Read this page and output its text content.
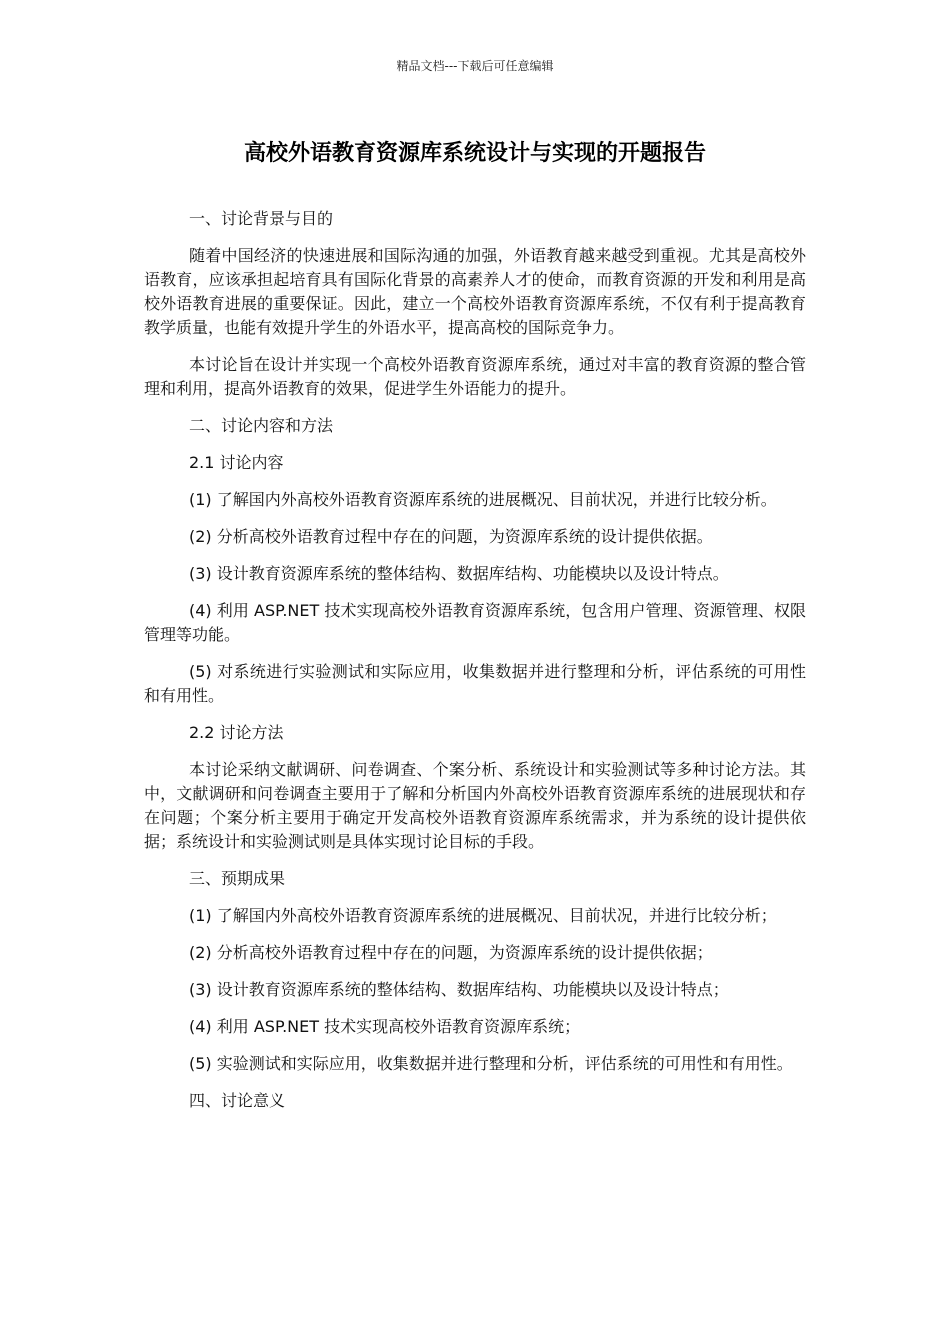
精品文档---下载后可任意编辑
高校外语教育资源库系统设计与实现的开题报告

一、讨论背景与目的

随着中国经济的快速进展和国际沟通的加强，外语教育越来越受到重视。尤其是高校外语教育，应该承担起培育具有国际化背景的高素养人才的使命，而教育资源的开发和利用是高校外语教育进展的重要保证。因此，建立一个高校外语教育资源库系统，不仅有利于提高教育教学质量，也能有效提升学生的外语水平，提高高校的国际竞争力。

本讨论旨在设计并实现一个高校外语教育资源库系统，通过对丰富的教育资源的整合管理和利用，提高外语教育的效果，促进学生外语能力的提升。

二、讨论内容和方法

2.1 讨论内容

(1) 了解国内外高校外语教育资源库系统的进展概况、目前状况，并进行比较分析。

(2) 分析高校外语教育过程中存在的问题，为资源库系统的设计提供依据。

(3) 设计教育资源库系统的整体结构、数据库结构、功能模块以及设计特点。

(4) 利用 ASP.NET 技术实现高校外语教育资源库系统，包含用户管理、资源管理、权限管理等功能。

(5) 对系统进行实验测试和实际应用，收集数据并进行整理和分析，评估系统的可用性和有用性。

2.2 讨论方法

本讨论采纳文献调研、问卷调查、个案分析、系统设计和实验测试等多种讨论方法。其中，文献调研和问卷调查主要用于了解和分析国内外高校外语教育资源库系统的进展现状和存在问题；个案分析主要用于确定开发高校外语教育资源库系统需求，并为系统的设计提供依据；系统设计和实验测试则是具体实现讨论目标的手段。

三、预期成果

(1) 了解国内外高校外语教育资源库系统的进展概况、目前状况，并进行比较分析；

(2) 分析高校外语教育过程中存在的问题，为资源库系统的设计提供依据；

(3) 设计教育资源库系统的整体结构、数据库结构、功能模块以及设计特点；

(4) 利用 ASP.NET 技术实现高校外语教育资源库系统；

(5) 实验测试和实际应用，收集数据并进行整理和分析，评估系统的可用性和有用性。

四、讨论意义
